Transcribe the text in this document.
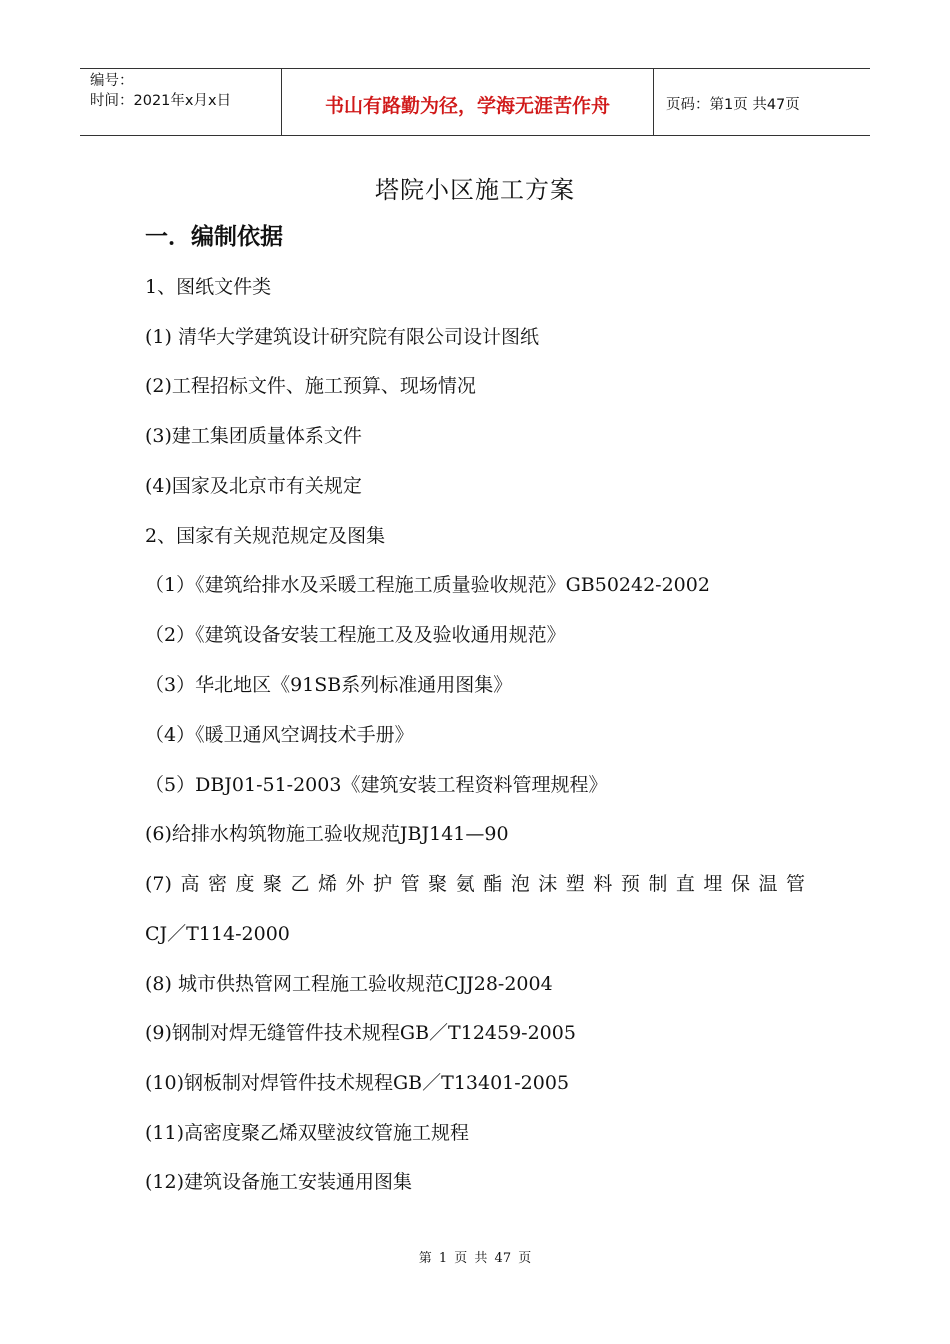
编号：
时间：2021年x月x日	书山有路勤为径，学海无涯苦作舟	页码：第1页 共47页
塔院小区施工方案
一．编制依据
1、图纸文件类
(1) 清华大学建筑设计研究院有限公司设计图纸
(2)工程招标文件、施工预算、现场情况
(3)建工集团质量体系文件
(4)国家及北京市有关规定
2、国家有关规范规定及图集
（1）《建筑给排水及采暖工程施工质量验收规范》GB50242-2002
（2）《建筑设备安装工程施工及及验收通用规范》
（3）华北地区《91SB系列标准通用图集》
（4）《暖卫通风空调技术手册》
（5）DBJ01-51-2003《建筑安装工程资料管理规程》
(6)给排水构筑物施工验收规范JBJ141—90
(7)高密度聚乙烯外护管聚氨酯泡沫塑料预制直埋保温管
CJ／T114-2000
(8) 城市供热管网工程施工验收规范CJJ28-2004
(9)钢制对焊无缝管件技术规程GB／T12459-2005
(10)钢板制对焊管件技术规程GB／T13401-2005
(11)高密度聚乙烯双壁波纹管施工规程
(12)建筑设备施工安装通用图集
第 1 页 共 47 页
